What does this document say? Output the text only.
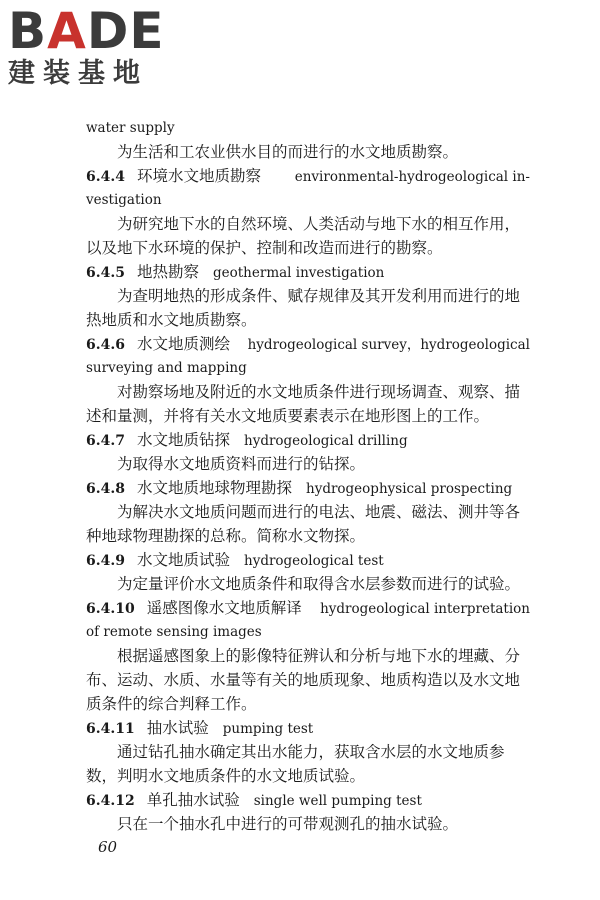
BADE
建装基地
water supply
为生活和工农业供水目的而进行的水文地质勘察。
6.4.4 环境水文地质勘察	environmental-hydrogeological in-
vestigation
为研究地下水的自然环境、人类活动与地下水的相互作用，
以及地下水环境的保护、控制和改造而进行的勘察。
6.4.5 地热勘察 geothermal investigation
为查明地热的形成条件、赋存规律及其开发利用而进行的地
热地质和水文地质勘察。
6.4.6 水文地质测绘	hydrogeological survey，hydrogeological
surveying and mapping
对勘察场地及附近的水文地质条件进行现场调查、观察、描
述和量测，并将有关水文地质要素表示在地形图上的工作。
6.4.7 水文地质钻探 hydrogeological drilling
为取得水文地质资料而进行的钻探。
6.4.8 水文地质地球物理勘探 hydrogeophysical prospecting
为解决水文地质问题而进行的电法、地震、磁法、测井等各
种地球物理勘探的总称。简称水文物探。
6.4.9 水文地质试验 hydrogeological test
为定量评价水文地质条件和取得含水层参数而进行的试验。
6.4.10 遥感图像水文地质解译	hydrogeological interpretation
of remote sensing images
根据遥感图象上的影像特征辨认和分析与地下水的埋藏、分
布、运动、水质、水量等有关的地质现象、地质构造以及水文地
质条件的综合判释工作。
6.4.11 抽水试验 pumping test
通过钻孔抽水确定其出水能力，获取含水层的水文地质参
数，判明水文地质条件的水文地质试验。
6.4.12 单孔抽水试验 single well pumping test
只在一个抽水孔中进行的可带观测孔的抽水试验。
60
